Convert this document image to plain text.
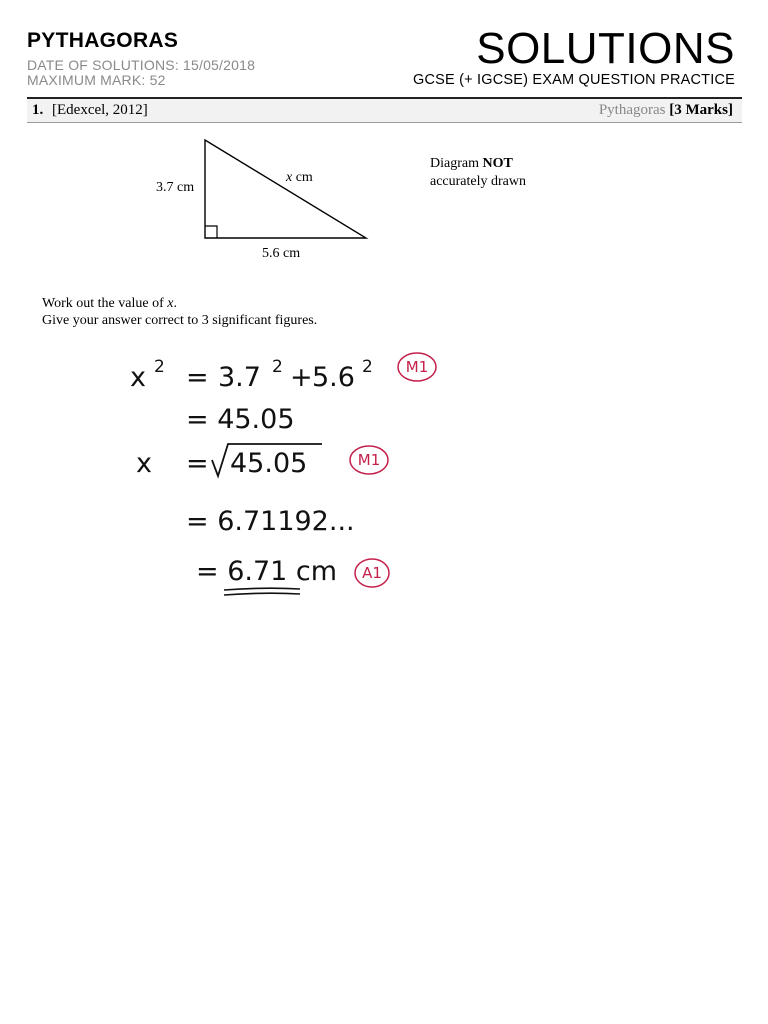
PYTHAGORAS
DATE OF SOLUTIONS: 15/05/2018
MAXIMUM MARK: 52
SOLUTIONS
GCSE (+ IGCSE) EXAM QUESTION PRACTICE
1. [Edexcel, 2012]	Pythagoras [3 Marks]
3.7 cm
5.6 cm
x cm
Diagram NOT
accurately drawn
Work out the value of x.
Give your answer correct to 3 significant figures.
x 2 = 3.7 2 + 5.6 2 M1
= 45.05
x = 45.05	M1
= 6.71192...
= 6.71 cm A1
